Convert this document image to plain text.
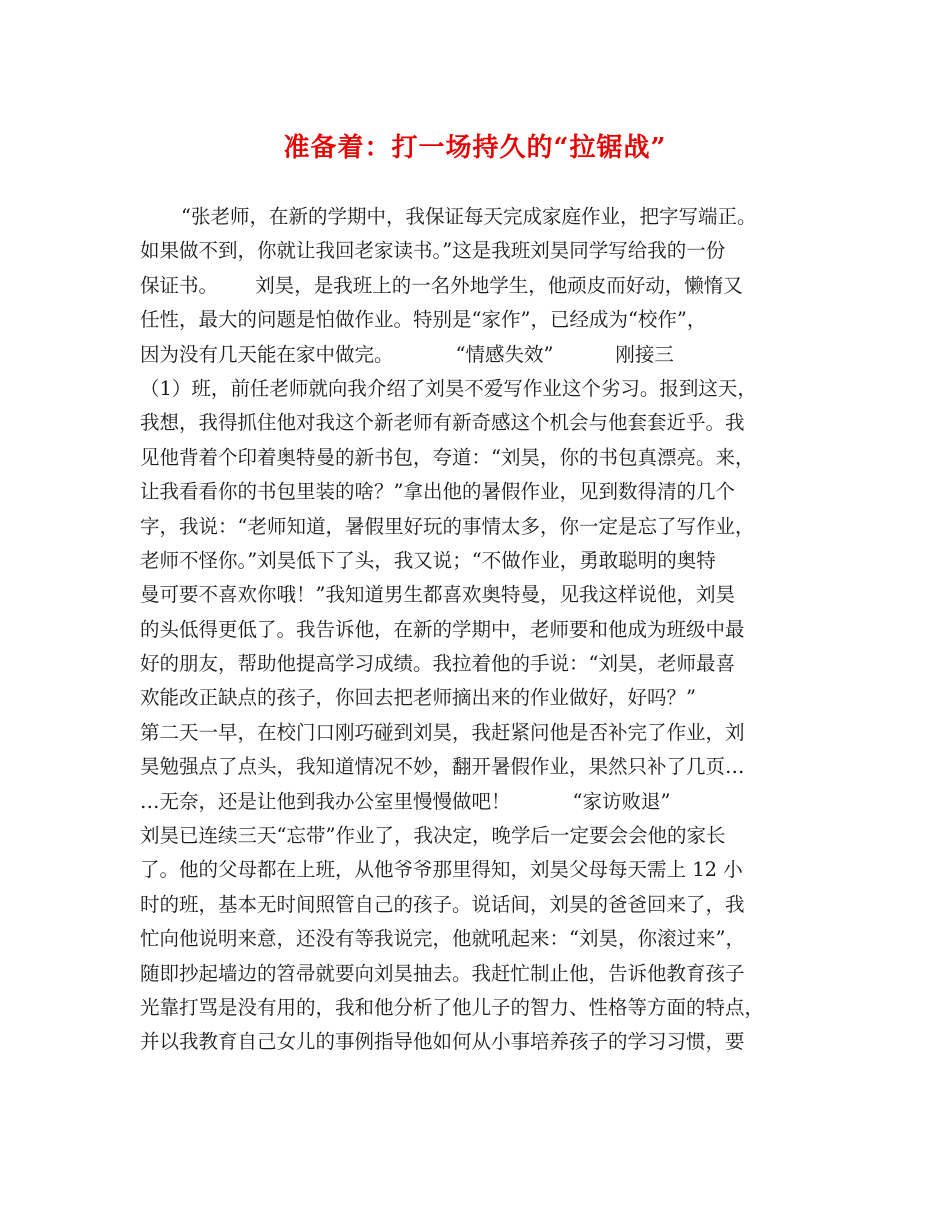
准备着：打一场持久的“拉锯战”
“张老师，在新的学期中，我保证每天完成家庭作业，把字写端正。
如果做不到，你就让我回老家读书。”这是我班刘昊同学写给我的一份
保证书。      刘昊，是我班上的一名外地学生，他顽皮而好动，懒惰又
任性，最大的问题是怕做作业。特别是“家作”，已经成为“校作”，
因为没有几天能在家中做完。          “情感失效”          刚接三
（1）班，前任老师就向我介绍了刘昊不爱写作业这个劣习。报到这天，
我想，我得抓住他对我这个新老师有新奇感这个机会与他套套近乎。我
见他背着个印着奥特曼的新书包，夸道：“刘昊，你的书包真漂亮。来，
让我看看你的书包里装的啥？”拿出他的暑假作业，见到数得清的几个
字，我说：“老师知道，暑假里好玩的事情太多，你一定是忘了写作业，
老师不怪你。”刘昊低下了头，我又说；“不做作业，勇敢聪明的奥特
曼可要不喜欢你哦！”我知道男生都喜欢奥特曼，见我这样说他，刘昊
的头低得更低了。我告诉他，在新的学期中，老师要和他成为班级中最
好的朋友，帮助他提高学习成绩。我拉着他的手说：“刘昊，老师最喜
欢能改正缺点的孩子，你回去把老师摘出来的作业做好，好吗？”
第二天一早，在校门口刚巧碰到刘昊，我赶紧问他是否补完了作业，刘
昊勉强点了点头，我知道情况不妙，翻开暑假作业，果然只补了几页…
…无奈，还是让他到我办公室里慢慢做吧！          “家访败退”
刘昊已连续三天“忘带”作业了，我决定，晚学后一定要会会他的家长
了。他的父母都在上班，从他爷爷那里得知，刘昊父母每天需上 12 小
时的班，基本无时间照管自己的孩子。说话间，刘昊的爸爸回来了，我
忙向他说明来意，还没有等我说完，他就吼起来：“刘昊，你滚过来”，
随即抄起墙边的笤帚就要向刘昊抽去。我赶忙制止他，告诉他教育孩子
光靠打骂是没有用的，我和他分析了他儿子的智力、性格等方面的特点，
并以我教育自己女儿的事例指导他如何从小事培养孩子的学习习惯，要
